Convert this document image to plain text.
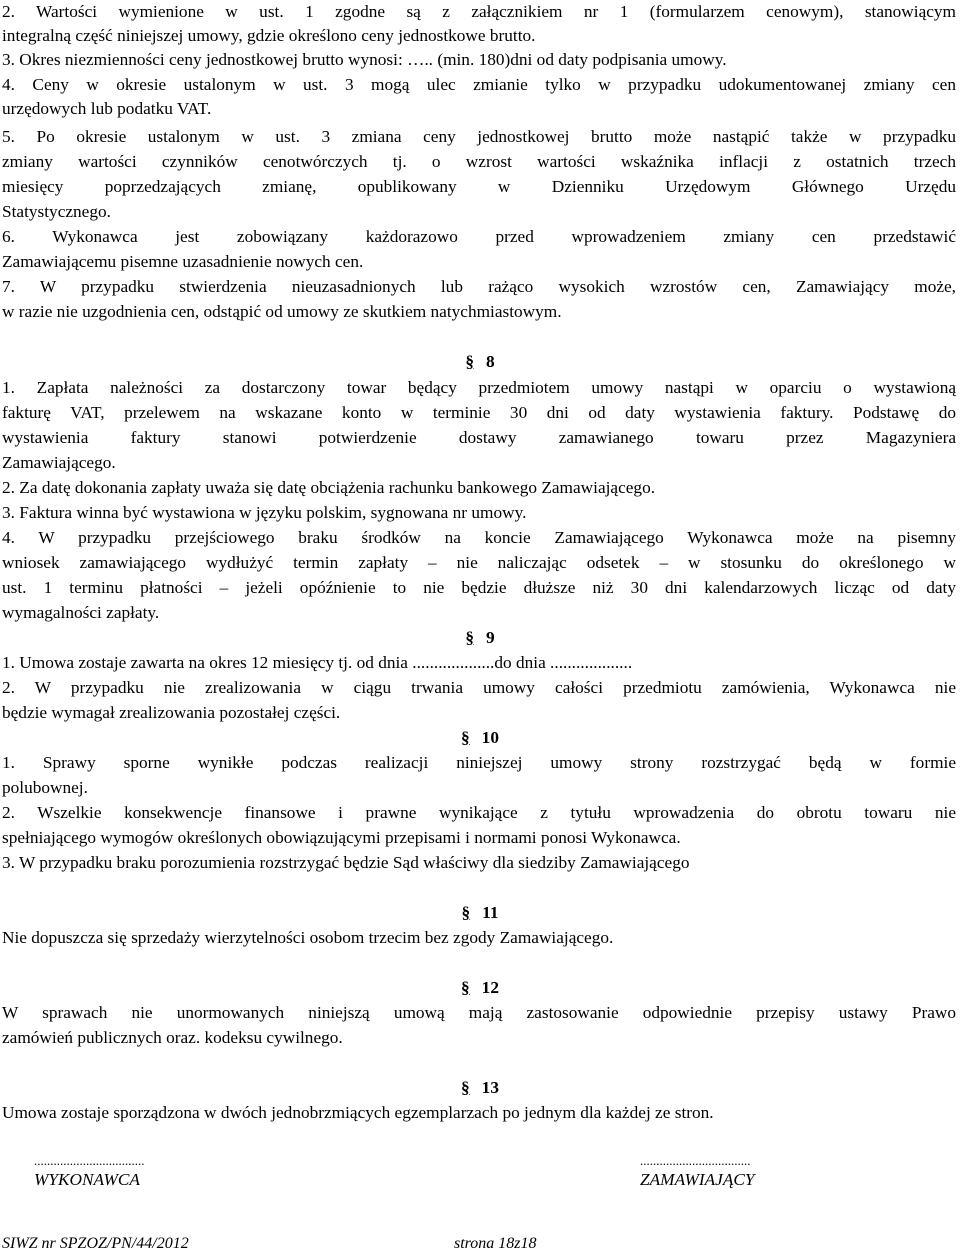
2. Wartości wymienione w ust. 1 zgodne są z załącznikiem nr 1 (formularzem cenowym), stanowiącym
integralną część niniejszej umowy, gdzie określono ceny jednostkowe brutto.
3. Okres niezmienności ceny jednostkowej brutto wynosi: ….. (min. 180)dni od daty podpisania umowy.
4. Ceny w okresie ustalonym w ust. 3 mogą ulec zmianie tylko w przypadku udokumentowanej zmiany cen
urzędowych lub podatku VAT.
5. Po okresie ustalonym w ust. 3 zmiana ceny jednostkowej brutto może nastąpić także w przypadku
zmiany wartości czynników cenotwórczych tj. o wzrost wartości wskaźnika inflacji z ostatnich trzech
miesięcy poprzedzających zmianę, opublikowany w Dzienniku Urzędowym Głównego Urzędu
Statystycznego.
6. Wykonawca jest zobowiązany każdorazowo przed wprowadzeniem zmiany cen przedstawić
Zamawiającemu pisemne uzasadnienie nowych cen.
7. W przypadku stwierdzenia nieuzasadnionych lub rażąco wysokich wzrostów cen, Zamawiający może,
w razie nie uzgodnienia cen, odstąpić od umowy ze skutkiem natychmiastowym.
§ 8
1. Zapłata należności za dostarczony towar będący przedmiotem umowy nastąpi w oparciu o wystawioną
fakturę VAT, przelewem na wskazane konto w terminie 30 dni od daty wystawienia faktury. Podstawę do
wystawienia faktury stanowi potwierdzenie dostawy zamawianego towaru przez Magazyniera
Zamawiającego.
2. Za datę dokonania zapłaty uważa się datę obciążenia rachunku bankowego Zamawiającego.
3. Faktura winna być wystawiona w języku polskim, sygnowana nr umowy.
4. W przypadku przejściowego braku środków na koncie Zamawiającego Wykonawca może na pisemny
wniosek zamawiającego wydłużyć termin zapłaty – nie naliczając odsetek – w stosunku do określonego w
ust. 1 terminu płatności – jeżeli opóźnienie to nie będzie dłuższe niż 30 dni kalendarzowych licząc od daty
wymagalności zapłaty.
§ 9
1. Umowa zostaje zawarta na okres 12 miesięcy tj. od dnia ...................do dnia ...................
2. W przypadku nie zrealizowania w ciągu trwania umowy całości przedmiotu zamówienia, Wykonawca nie
będzie wymagał zrealizowania pozostałej części.
§ 10
1. Sprawy sporne wynikłe podczas realizacji niniejszej umowy strony rozstrzygać będą w formie
polubownej.
2. Wszelkie konsekwencje finansowe i prawne wynikające z tytułu wprowadzenia do obrotu towaru nie
spełniającego wymogów określonych obowiązującymi przepisami i normami ponosi Wykonawca.
3. W przypadku braku porozumienia rozstrzygać będzie Sąd właściwy dla siedziby Zamawiającego
§ 11
Nie dopuszcza się sprzedaży wierzytelności osobom trzecim bez zgody Zamawiającego.
§ 12
W sprawach nie unormowanych niniejszą umową mają zastosowanie odpowiednie przepisy ustawy Prawo
zamówień publicznych oraz. kodeksu cywilnego.
§ 13
Umowa zostaje sporządzona w dwóch jednobrzmiących egzemplarzach po jednym dla każdej ze stron.
..................................	..................................
WYKONAWCA	ZAMAWIAJĄCY
SIWZ nr SPZOZ/PN/44/2012	strona 18z18
